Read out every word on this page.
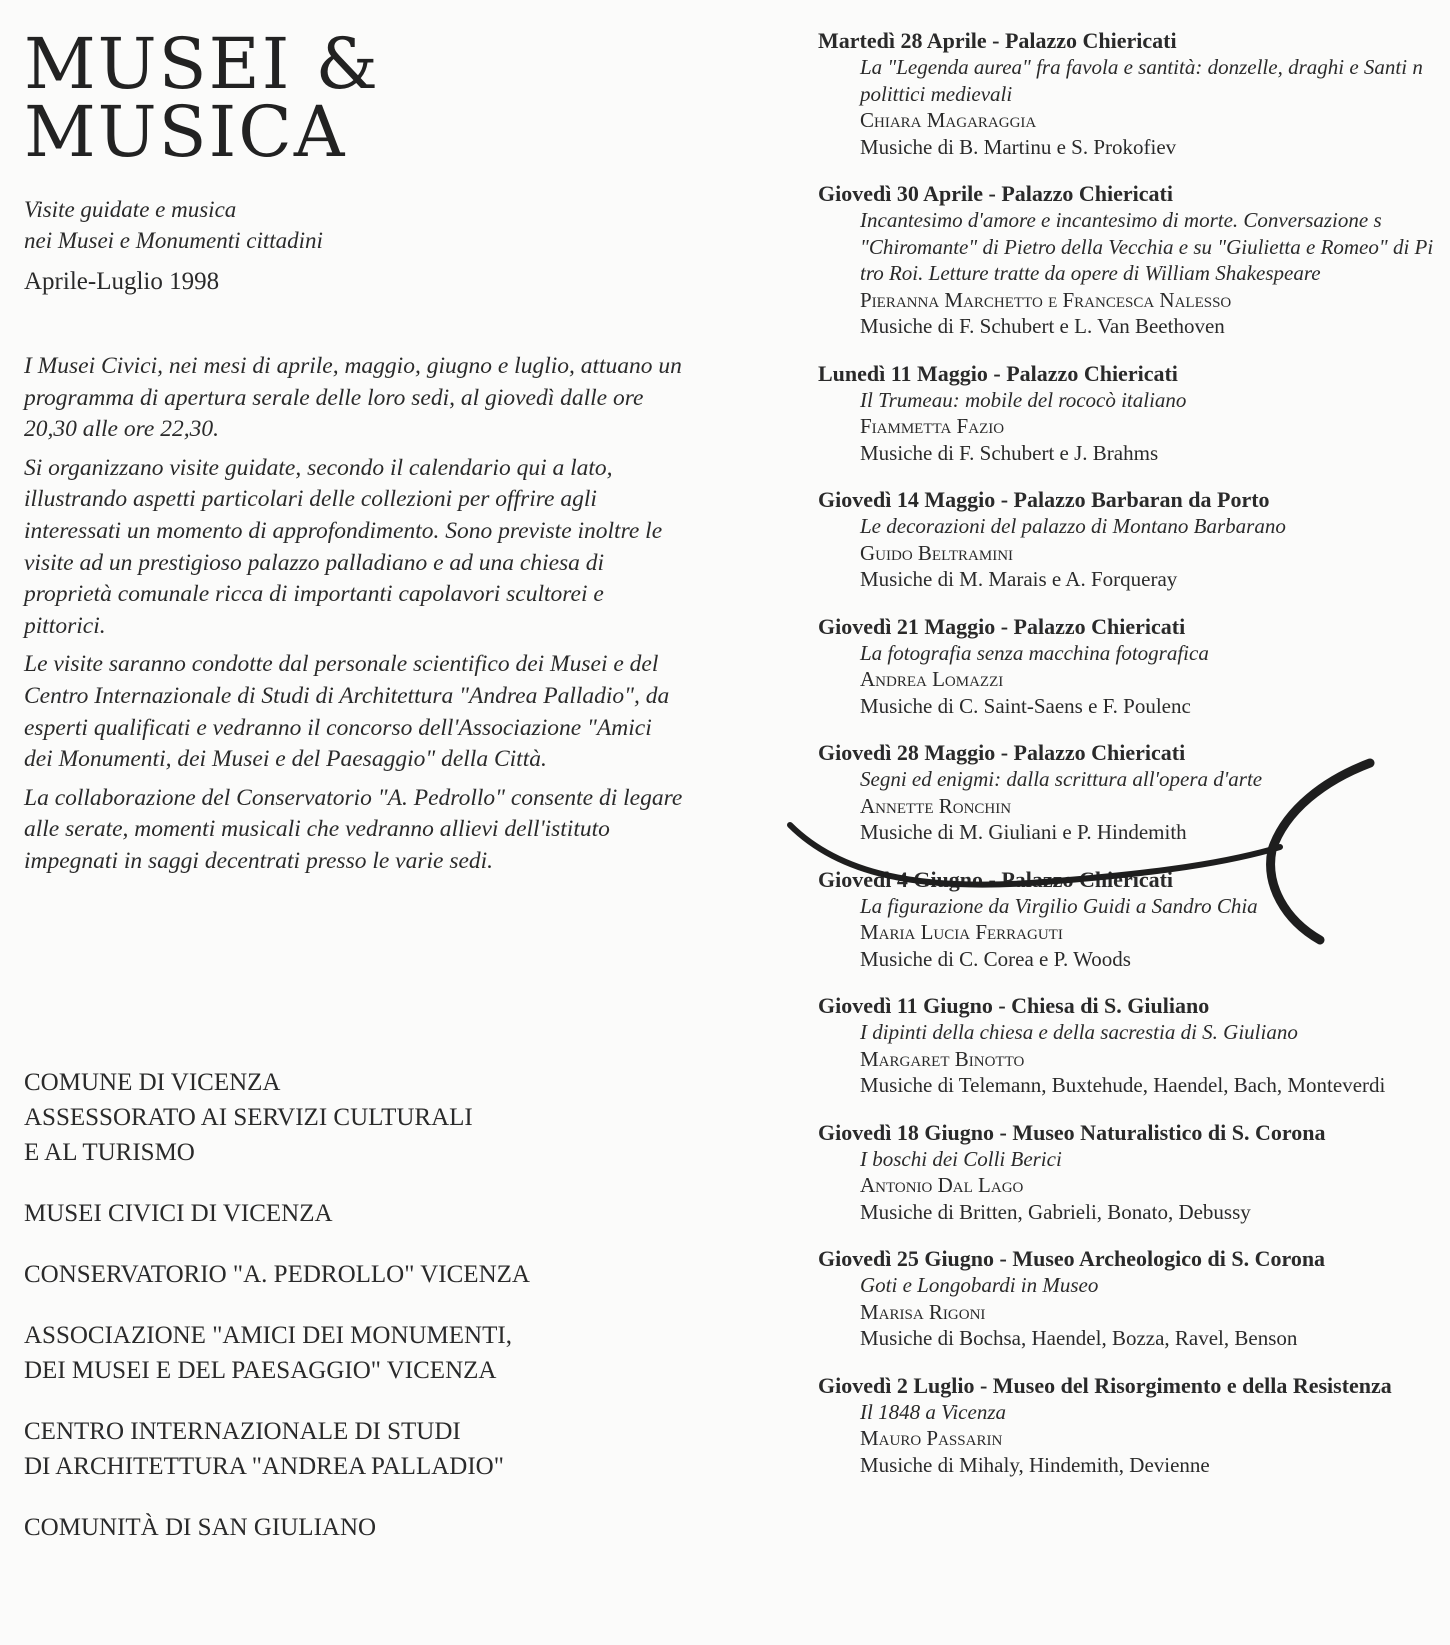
MUSEI &
MUSICA
Visite guidate e musica
nei Musei e Monumenti cittadini
Aprile-Luglio 1998

I Musei Civici, nei mesi di aprile, maggio, giugno e luglio, attuano un programma di apertura serale delle loro sedi, al giovedì dalle ore 20,30 alle ore 22,30.

Si organizzano visite guidate, secondo il calendario qui a lato, illustrando aspetti particolari delle collezioni per offrire agli interessati un momento di approfondimento. Sono previste inoltre le visite ad un prestigioso palazzo palladiano e ad una chiesa di proprietà comunale ricca di importanti capolavori scultorei e pittorici.

Le visite saranno condotte dal personale scientifico dei Musei e del Centro Internazionale di Studi di Architettura "Andrea Palladio", da esperti qualificati e vedranno il concorso dell'Associazione "Amici dei Monumenti, dei Musei e del Paesaggio" della Città.

La collaborazione del Conservatorio "A. Pedrollo" consente di legare alle serate, momenti musicali che vedranno allievi dell'istituto impegnati in saggi decentrati presso le varie sedi.

COMUNE DI VICENZA
ASSESSORATO AI SERVIZI CULTURALI
E AL TURISMO
MUSEI CIVICI DI VICENZA
CONSERVATORIO "A. PEDROLLO" VICENZA
ASSOCIAZIONE "AMICI DEI MONUMENTI,
DEI MUSEI E DEL PAESAGGIO" VICENZA
CENTRO INTERNAZIONALE DI STUDI
DI ARCHITETTURA "ANDREA PALLADIO"
COMUNITÀ DI SAN GIULIANO
Martedì 28 Aprile - Palazzo Chiericati
La "Legenda aurea" fra favola e santità: donzelle, draghi e Santi n
polittici medievali
Chiara Magaraggia
Musiche di B. Martinu e S. Prokofiev
Giovedì 30 Aprile - Palazzo Chiericati
Incantesimo d'amore e incantesimo di morte. Conversazione s
"Chiromante" di Pietro della Vecchia e su "Giulietta e Romeo" di Pi
tro Roi. Letture tratte da opere di William Shakespeare
Pieranna Marchetto e Francesca Nalesso
Musiche di F. Schubert e L. Van Beethoven
Lunedì 11 Maggio - Palazzo Chiericati
Il Trumeau: mobile del rococò italiano
Fiammetta Fazio
Musiche di F. Schubert e J. Brahms
Giovedì 14 Maggio - Palazzo Barbaran da Porto
Le decorazioni del palazzo di Montano Barbarano
Guido Beltramini
Musiche di M. Marais e A. Forqueray
Giovedì 21 Maggio - Palazzo Chiericati
La fotografia senza macchina fotografica
Andrea Lomazzi
Musiche di C. Saint-Saens e F. Poulenc
Giovedì 28 Maggio - Palazzo Chiericati
Segni ed enigmi: dalla scrittura all'opera d'arte
Annette Ronchin
Musiche di M. Giuliani e P. Hindemith
Giovedì 4 Giugno - Palazzo Chiericati
La figurazione da Virgilio Guidi a Sandro Chia
Maria Lucia Ferraguti
Musiche di C. Corea e P. Woods
Giovedì 11 Giugno - Chiesa di S. Giuliano
I dipinti della chiesa e della sacrestia di S. Giuliano
Margaret Binotto
Musiche di Telemann, Buxtehude, Haendel, Bach, Monteverdi
Giovedì 18 Giugno - Museo Naturalistico di S. Corona
I boschi dei Colli Berici
Antonio Dal Lago
Musiche di Britten, Gabrieli, Bonato, Debussy
Giovedì 25 Giugno - Museo Archeologico di S. Corona
Goti e Longobardi in Museo
Marisa Rigoni
Musiche di Bochsa, Haendel, Bozza, Ravel, Benson
Giovedì 2 Luglio - Museo del Risorgimento e della Resistenza
Il 1848 a Vicenza
Mauro Passarin
Musiche di Mihaly, Hindemith, Devienne
